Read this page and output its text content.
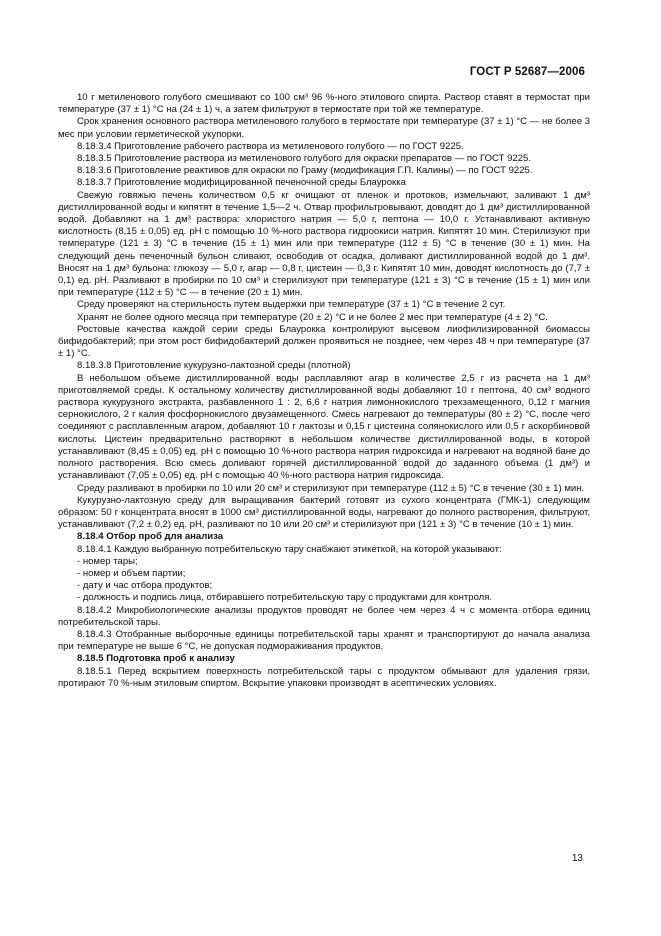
ГОСТ Р 52687—2006

10 г метиленового голубого смешивают со 100 см³ 96 %-ного этилового спирта. Раствор ставят в термостат при температуре (37 ± 1) °С на (24 ± 1) ч, а затем фильтруют в термостате при той же температуре.

Срок хранения основного раствора метиленового голубого в термостате при температуре (37 ± 1) °С — не более 3 мес при условии герметической укупорки.

8.18.3.4 Приготовление рабочего раствора из метиленового голубого — по ГОСТ 9225.

8.18.3.5 Приготовление раствора из метиленового голубого для окраски препаратов — по ГОСТ 9225.

8.18.3.6 Приготовление реактивов для окраски по Граму (модификация Г.П. Калины) — по ГОСТ 9225.

8.18.3.7 Приготовление модифицированной печеночной среды Блаурокка

Свежую говяжью печень количеством 0,5 кг очищают от пленок и протоков, измельчают, заливают 1 дм³ дистиллированной воды и кипятят в течение 1,5—2 ч. Отвар профильтровывают, доводят до 1 дм³ дистиллированной водой. Добавляют на 1 дм³ раствора: хлористого натрия — 5,0 г, пептона — 10,0 г. Устанавливают активную кислотность (8,15 ± 0,05) ед. рН с помощью 10 %-ного раствора гидроокиси натрия. Кипятят 10 мин. Стерилизуют при температуре (121 ± 3) °С в течение (15 ± 1) мин или при температуре (112 ± 5) °С в течение (30 ± 1) мин. На следующий день печеночный бульон сливают, освободив от осадка, доливают дистиллированной водой до 1 дм³. Вносят на 1 дм³ бульона: глюкозу — 5,0 г, агар — 0,8 г, цистеин — 0,3 г. Кипятят 10 мин, доводят кислотность до (7,7 ± 0,1) ед. рН. Разливают в пробирки по 10 см³ и стерилизуют при температуре (121 ± 3) °С в течение (15 ± 1) мин или при температуре (112 ± 5) °С — в течение (20 ± 1) мин.

Среду проверяют на стерильность путем выдержки при температуре (37 ± 1) °С в течение 2 сут.

Хранят не более одного месяца при температуре (20 ± 2) °С и не более 2 мес при температуре (4 ± 2) °С.

Ростовые качества каждой серии среды Блаурокка контролируют высевом лиофилизированной биомассы бифидобактерий; при этом рост бифидобактерий должен проявиться не позднее, чем через 48 ч при температуре (37 ± 1) °С.

8.18.3.8 Приготовление кукурузно-лактозной среды (плотной)

В небольшом объеме дистиллированной воды расплавляют агар в количестве 2,5 г из расчета на 1 дм³ приготовляемой среды. К остальному количеству дистиллированной воды добавляют 10 г пептона, 40 см³ водного раствора кукурузного экстракта, разбавленного 1 : 2, 6,6 г натрия лимоннокислого трехзамещенного, 0,12 г магния сернокислого, 2 г калия фосфорнокислого двузамещенного. Смесь нагревают до температуры (80 ± 2) °С, после чего соединяют с расплавленным агаром, добавляют 10 г лактозы и 0,15 г цистеина солянокислого или 0,5 г аскорбиновой кислоты. Цистеин предварительно растворяют в небольшом количестве дистиллированной воды, в которой устанавливают (8,45 ± 0,05) ед. рН с помощью 10 %-ного раствора натрия гидроксида и нагревают на водяной бане до полного растворения. Всю смесь доливают горячей дистиллированной водой до заданного объема (1 дм³) и устанавливают (7,05 ± 0,05) ед. рН с помощью 40 %-ного раствора натрия гидроксида.

Среду разливают в пробирки по 10 или 20 см³ и стерилизуют при температуре (112 ± 5) °С в течение (30 ± 1) мин.

Кукурузно-лактозную среду для выращивания бактерий готовят из сухого концентрата (ГМК-1) следующим образом: 50 г концентрата вносят в 1000 см³ дистиллированной воды, нагревают до полного растворения, фильтруют, устанавливают (7,2 ± 0,2) ед. рН, разливают по 10 или 20 см³ и стерилизуют при (121 ± 3) °С в течение (10 ± 1) мин.

8.18.4 Отбор проб для анализа

8.18.4.1 Каждую выбранную потребительскую тару снабжают этикеткой, на которой указывают:

- номер тары;

- номер и объем партии;

- дату и час отбора продуктов;

- должность и подпись лица, отбиравшего потребительскую тару с продуктами для контроля.

8.18.4.2 Микробиологические анализы продуктов проводят не более чем через 4 ч с момента отбора единиц потребительской тары.

8.18.4.3 Отобранные выборочные единицы потребительской тары хранят и транспортируют до начала анализа при температуре не выше 6 °С, не допуская подмораживания продуктов.

8.18.5 Подготовка проб к анализу

8.18.5.1 Перед вскрытием поверхность потребительской тары с продуктом обмывают для удаления грязи, протирают 70 %-ным этиловым спиртом. Вскрытие упаковки производят в асептических условиях.

13
